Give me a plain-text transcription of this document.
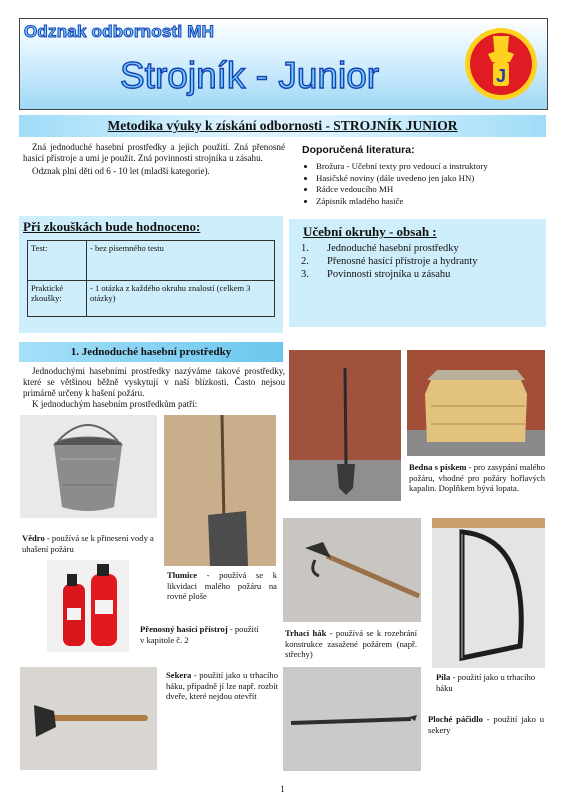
Odznak odbornosti MH
Strojník - Junior	J
Metodika výuky k získání odbornosti - STROJNÍK JUNIOR
Zná jednoduché hasební prostředky a jejich použití. Zná přenosné hasící přístroje a umí je použít. Zná povinnosti strojníka u zásahu.
Odznak plní děti od 6 - 10 let (mladší kategorie).
Doporučená literatura:
• Brožura - Učební texty pro vedoucí a instruktory
• Hasičské noviny (dále uvedeno jen jako HN)
• Rádce vedoucího MH
• Zápisník mladého hasiče
Při zkouškách bude hodnoceno:
Test:	- bez písemného testu
Praktické zkoušky:	- 1 otázka z každého okruhu znalostí (celkem 3 otázky)
Učební okruhy - obsah :
1. Jednoduché hasební prostředky
2. Přenosné hasící přístroje a hydranty
3. Povinnosti strojníka u zásahu
1. Jednoduché hasební prostředky
Jednoduchými hasebními prostředky nazýváme takové prostředky, které se většinou běžně vyskytují v naší blízkosti. Často nejsou primárně určeny k hašení požáru.
K jednoduchým hasebním prostředkům patří:
Vědro - používá se k přinesení vody a uhašení požáru
Tlumice - používá se k likvidaci malého požáru na rovné ploše
Přenosný hasící přístroj - použití v kapitole č. 2
Sekera - použití jako u trhacího háku, případně jí lze např. rozbít dveře, které nejdou otevřít
Bedna s pískem - pro zasypání malého požáru, vhodné pro požáry hořlavých kapalin. Doplňkem bývá lopata.
Trhací hák - používá se k rozebrání konstrukce zasažené požárem (např. střechy)
Pila - použití jako u trhacího háku
Ploché páčidlo - použití jako u sekery
1
